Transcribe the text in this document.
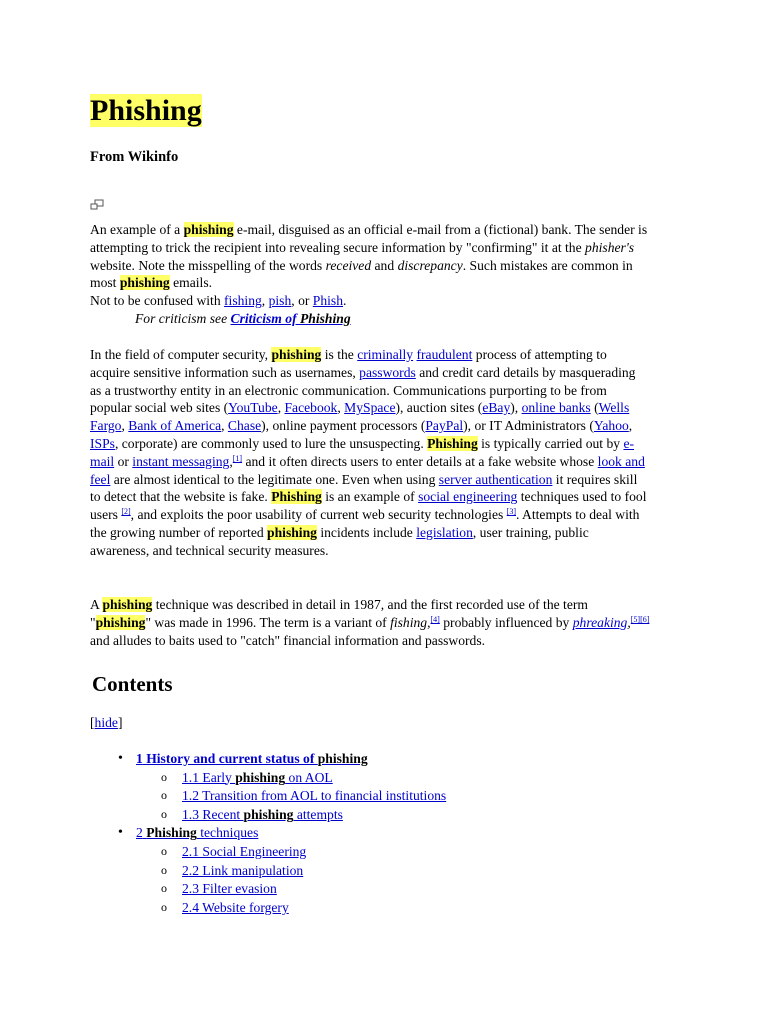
Phishing
From Wikinfo

An example of a phishing e-mail, disguised as an official e-mail from a (fictional) bank. The sender is attempting to trick the recipient into revealing secure information by "confirming" it at the phisher's website. Note the misspelling of the words received and discrepancy. Such mistakes are common in most phishing emails.

Not to be confused with fishing, pish, or Phish.

For criticism see Criticism of Phishing

In the field of computer security, phishing is the criminally fraudulent process of attempting to acquire sensitive information such as usernames, passwords and credit card details by masquerading as a trustworthy entity in an electronic communication. Communications purporting to be from popular social web sites (YouTube, Facebook, MySpace), auction sites (eBay), online banks (Wells Fargo, Bank of America, Chase), online payment processors (PayPal), or IT Administrators (Yahoo, ISPs, corporate) are commonly used to lure the unsuspecting. Phishing is typically carried out by e-mail or instant messaging,[1] and it often directs users to enter details at a fake website whose look and feel are almost identical to the legitimate one. Even when using server authentication it requires skill to detect that the website is fake. Phishing is an example of social engineering techniques used to fool users [2], and exploits the poor usability of current web security technologies [3]. Attempts to deal with the growing number of reported phishing incidents include legislation, user training, public awareness, and technical security measures.

A phishing technique was described in detail in 1987, and the first recorded use of the term "phishing" was made in 1996. The term is a variant of fishing,[4] probably influenced by phreaking,[5][6] and alludes to baits used to "catch" financial information and passwords.

Contents
[hide]
• 1 History and current status of phishing
o 1.1 Early phishing on AOL
o 1.2 Transition from AOL to financial institutions
o 1.3 Recent phishing attempts
• 2 Phishing techniques
o 2.1 Social Engineering
o 2.2 Link manipulation
o 2.3 Filter evasion
o 2.4 Website forgery
